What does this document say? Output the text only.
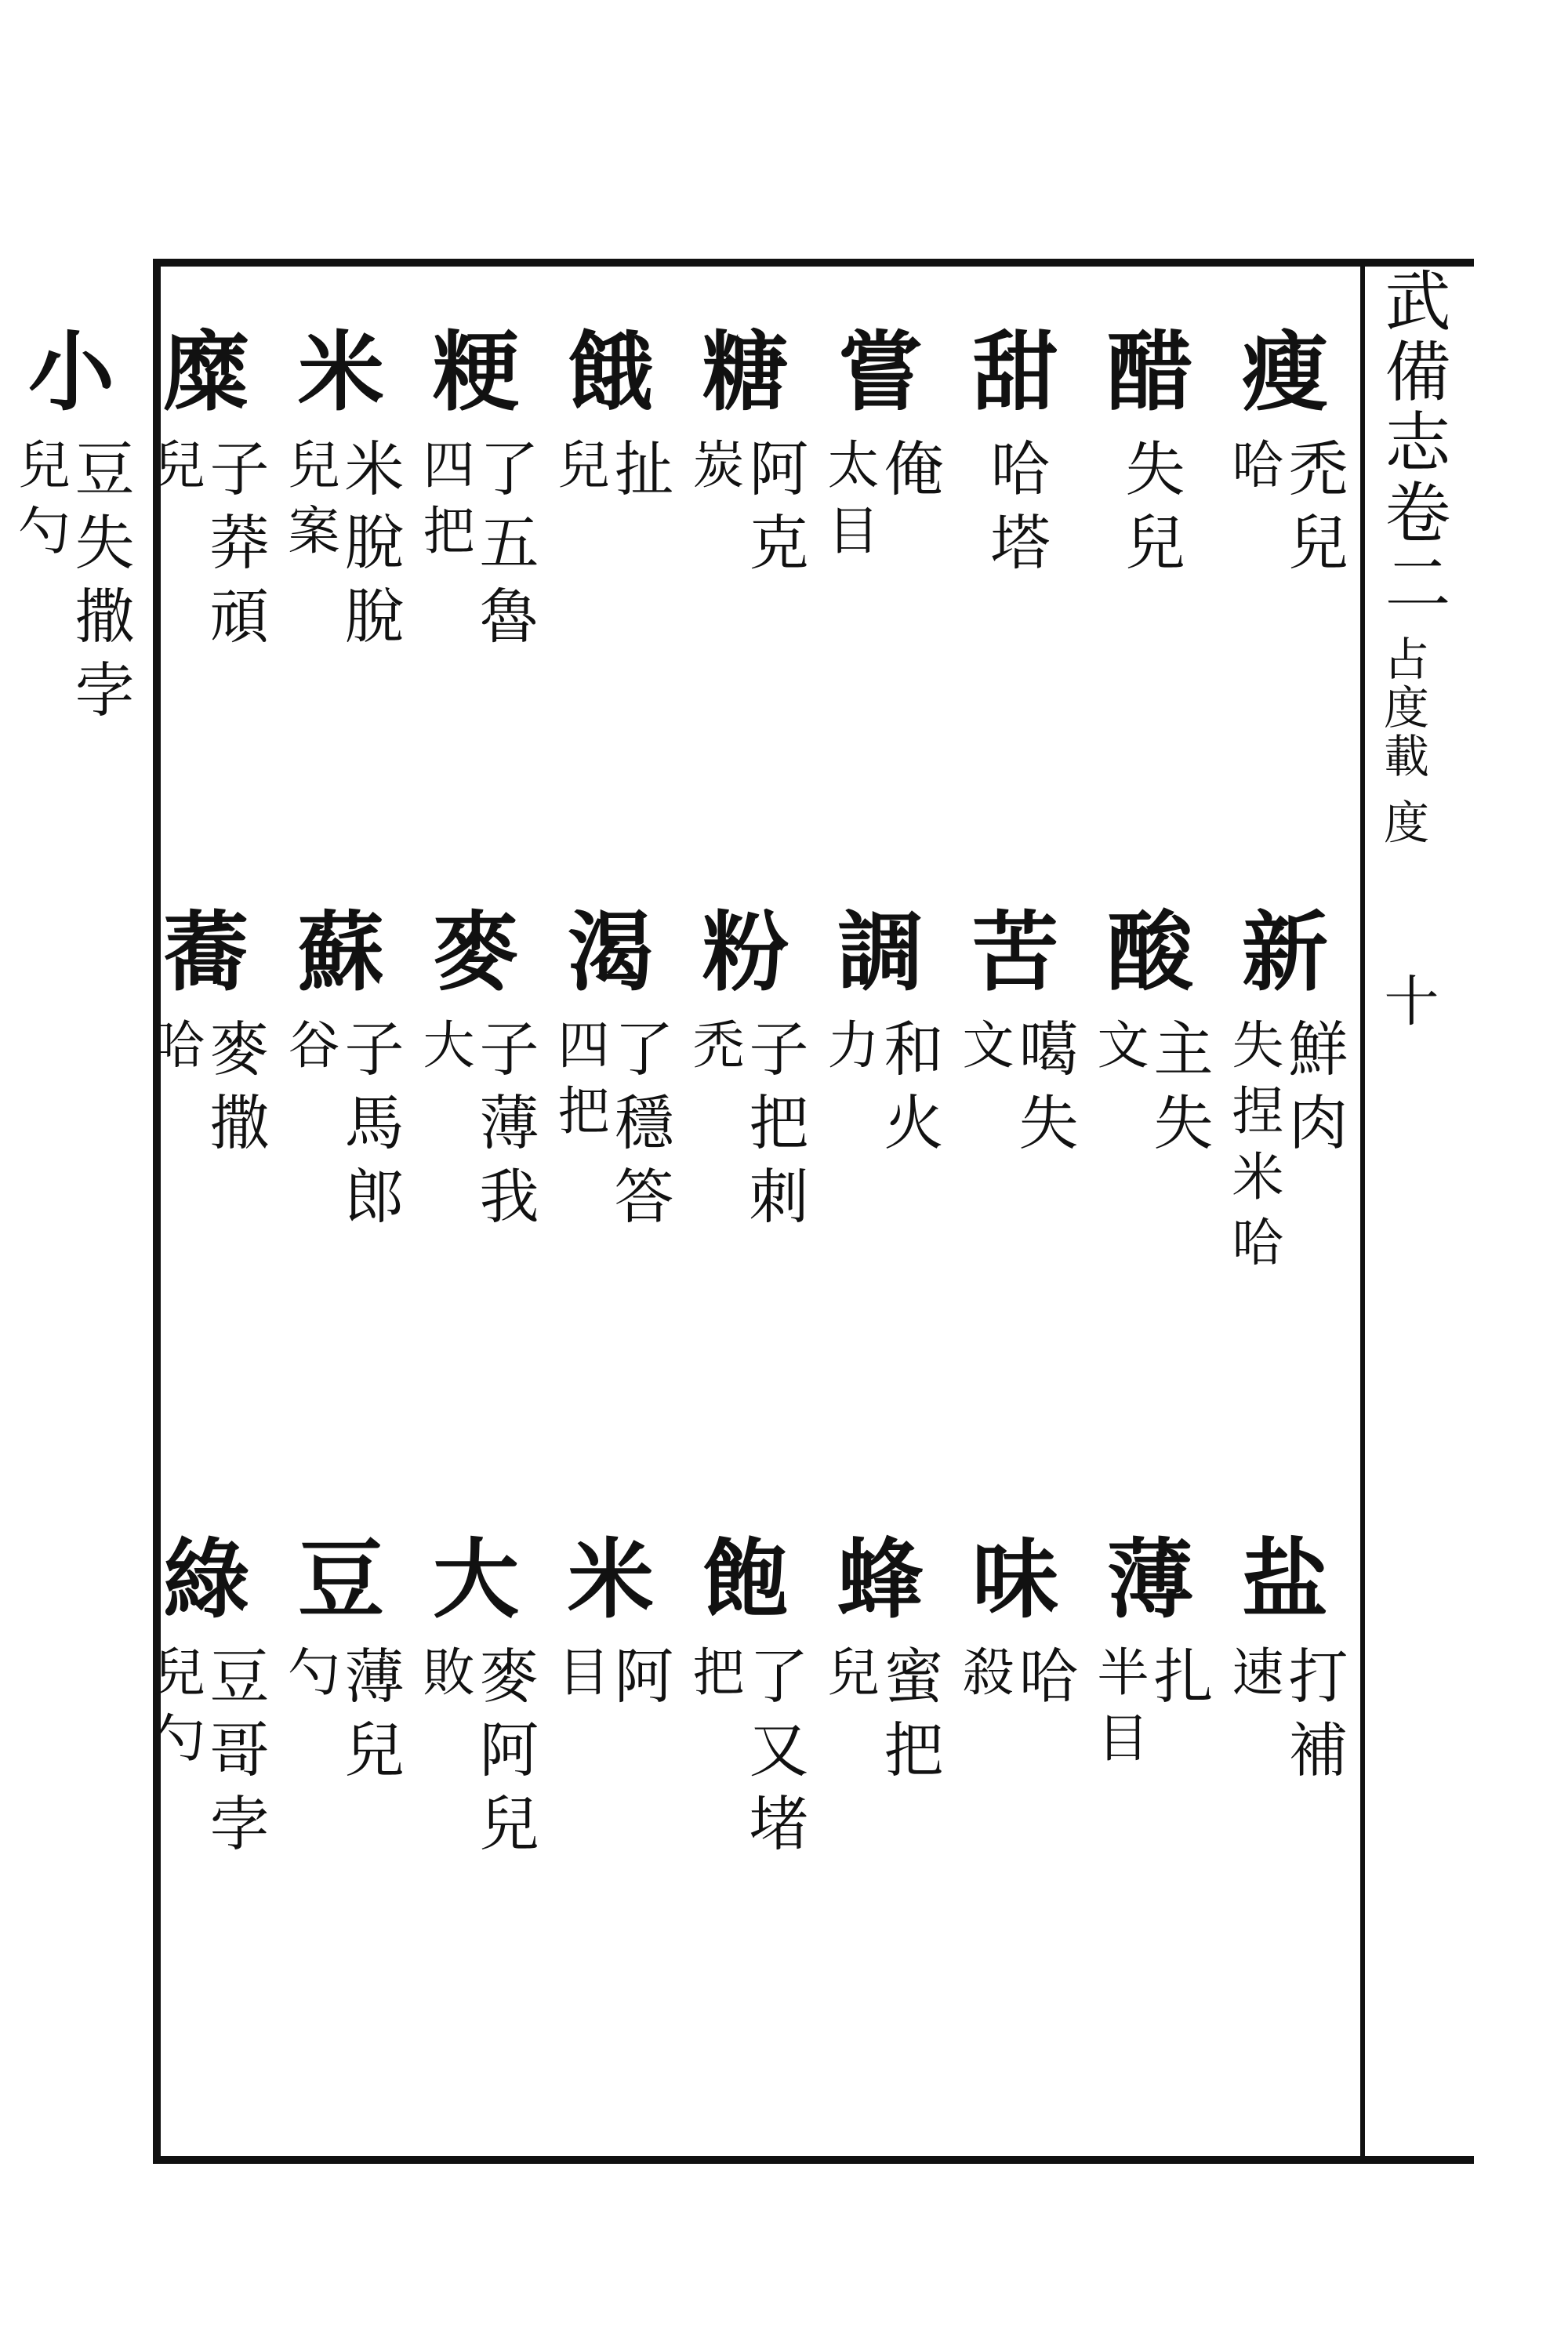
武備志卷二
占度載 度
十
瘦
禿兒
哈
醋
失兒
甜
哈塔
嘗
俺
太目
糖
阿克
炭
餓
扯
兒
粳
了五魯
四把
米
米脫脫
兒案
糜
子莽頑
兒
小
豆失撒孛
兒勺
新
鮮肉
失捏米哈
酸
主失
文
苦
噶失
文
調
和火
力
粉
子把刺
禿
渴
了穩答
四把
麥
子薄我
大
蘇
子馬郎
谷
蕎
麥撒
哈
盐
打補
速
薄
扎
半目
味
哈
殺
蜂
蜜把
兒
飽
了又堵
把
米
阿
目
大
麥阿兒
敗
豆
薄兒
勺
綠
豆哥孛
兒勺
